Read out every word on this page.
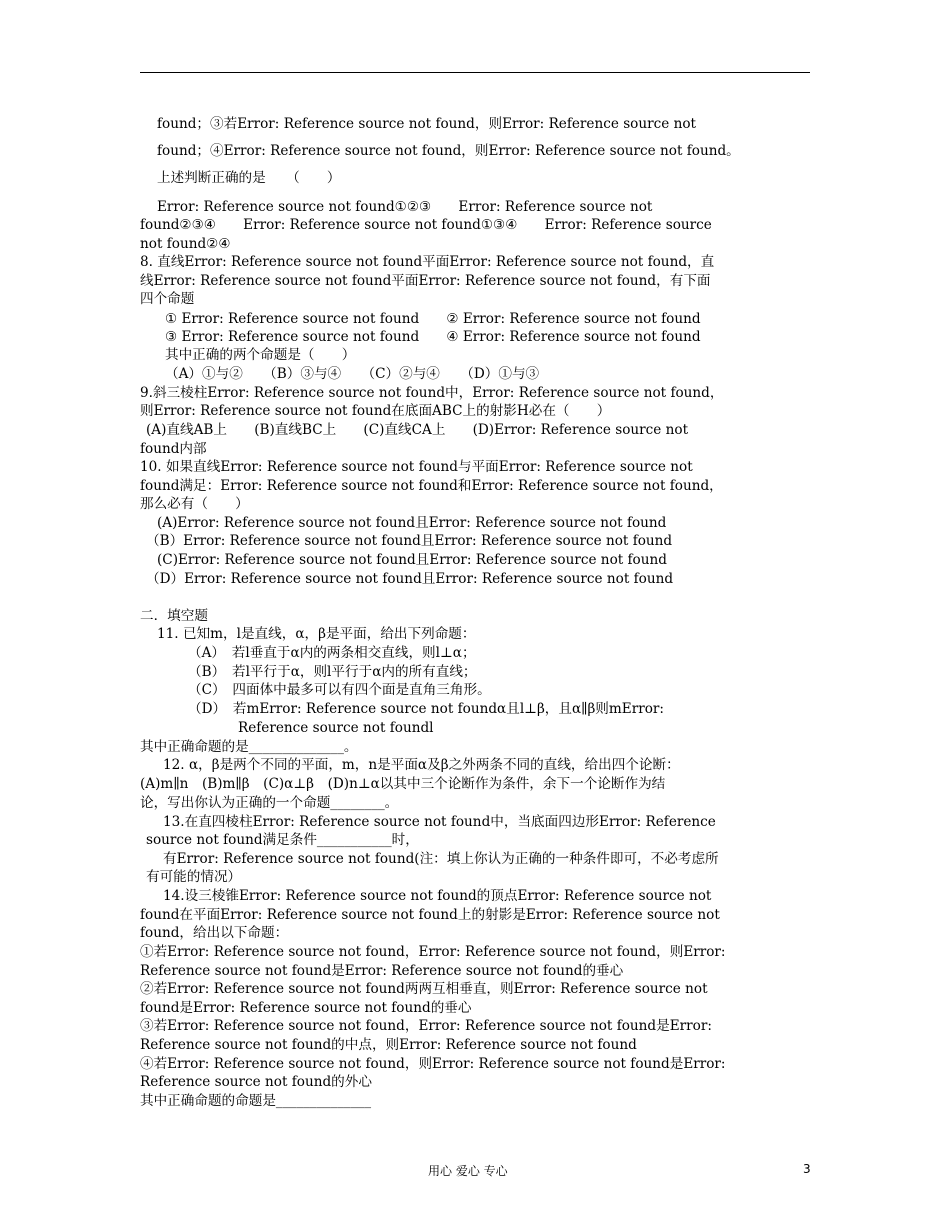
found；③若Error: Reference source not found，则Error: Reference source not
found；④Error: Reference source not found，则Error: Reference source not found。
上述判断正确的是　　（　　）
Error: Reference source not found①②③　　Error: Reference source not
found②③④　　Error: Reference source not found①③④　　Error: Reference source
not found②④
8. 直线Error: Reference source not found平面Error: Reference source not found，直
线Error: Reference source not found平面Error: Reference source not found，有下面
四个命题
① Error: Reference source not found　　② Error: Reference source not found
③ Error: Reference source not found　　④ Error: Reference source not found
其中正确的两个命题是（　　）
（A）①与②　　（B）③与④　　（C）②与④　　（D）①与③
9.斜三棱柱Error: Reference source not found中，Error: Reference source not found，
则Error: Reference source not found在底面ABC上的射影H必在（　　）
(A)直线AB上　　(B)直线BC上　　(C)直线CA上　　(D)Error: Reference source not
found内部
10. 如果直线Error: Reference source not found与平面Error: Reference source not
found满足：Error: Reference source not found和Error: Reference source not found，
那么必有（　　）
(A)Error: Reference source not found且Error: Reference source not found
（B）Error: Reference source not found且Error: Reference source not found
(C)Error: Reference source not found且Error: Reference source not found
（D）Error: Reference source not found且Error: Reference source not found
二．填空题
11. 已知m，l是直线，α，β是平面，给出下列命题：
（A）　若l垂直于α内的两条相交直线，则l⊥α；
（B）　若l平行于α，则l平行于α内的所有直线；
（C）　四面体中最多可以有四个面是直角三角形。
（D）　若mError: Reference source not foundα且l⊥β，且α∥β则mError:
Reference source not foundl
其中正确命题的是______________。
12. α，β是两个不同的平面，m，n是平面α及β之外两条不同的直线，给出四个论断：
(A)m∥n　(B)m∥β　(C)α⊥β　(D)n⊥α以其中三个论断作为条件，余下一个论断作为结
论，写出你认为正确的一个命题________。
13.在直四棱柱Error: Reference source not found中，当底面四边形Error: Reference
source not found满足条件___________时，
有Error: Reference source not found(注：填上你认为正确的一种条件即可，不必考虑所
有可能的情况）
14.设三棱锥Error: Reference source not found的顶点Error: Reference source not
found在平面Error: Reference source not found上的射影是Error: Reference source not
found，给出以下命题：
①若Error: Reference source not found，Error: Reference source not found，则Error:
Reference source not found是Error: Reference source not found的垂心
②若Error: Reference source not found两两互相垂直，则Error: Reference source not
found是Error: Reference source not found的垂心
③若Error: Reference source not found，Error: Reference source not found是Error:
Reference source not found的中点，则Error: Reference source not found
④若Error: Reference source not found，则Error: Reference source not found是Error:
Reference source not found的外心
其中正确命题的命题是______________
用心 爱心 专心	3
